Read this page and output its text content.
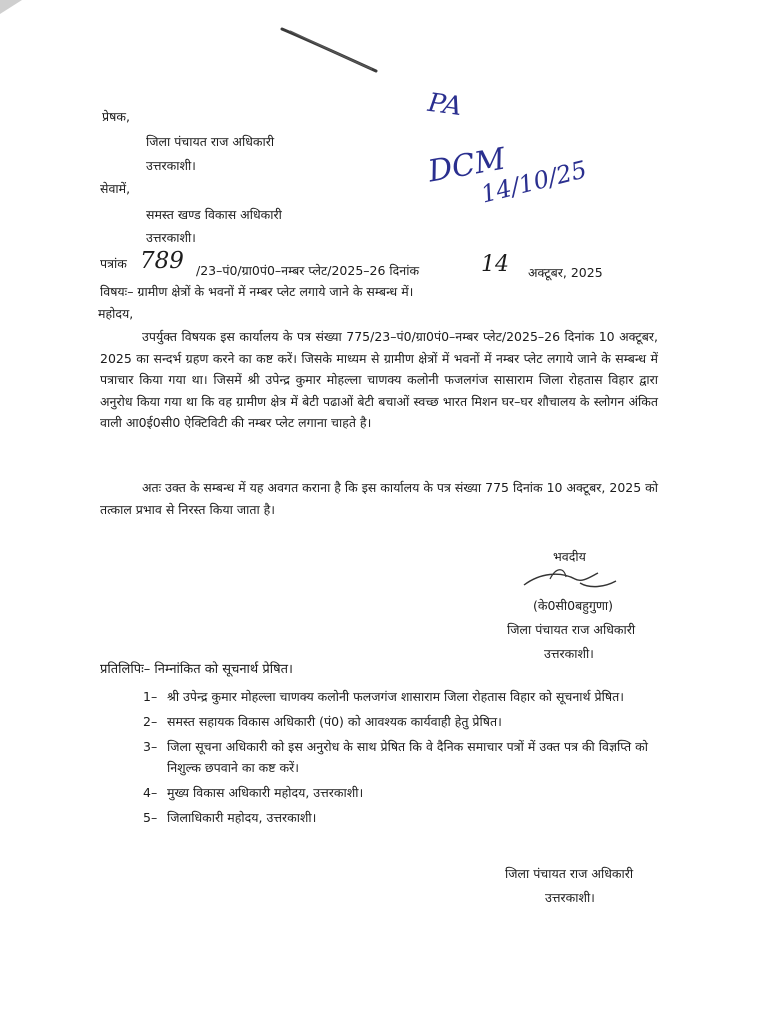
PA
DCM
14/10/25
प्रेषक,
जिला पंचायत राज अधिकारी
उत्तरकाशी।
सेवामें,
समस्त खण्ड विकास अधिकारी
उत्तरकाशी।
पत्रांक 789 /23–पं0/ग्रा0पं0–नम्बर प्लेट/2025–26 दिनांक	14 अक्टूबर, 2025
विषयः– ग्रामीण क्षेत्रों के भवनों में नम्बर प्लेट लगाये जाने के सम्बन्ध में।
महोदय,
उपर्युक्त विषयक इस कार्यालय के पत्र संख्या 775/23–पं0/ग्रा0पं0–नम्बर प्लेट/2025–26 दिनांक 10 अक्टूबर, 2025 का सन्दर्भ ग्रहण करने का कष्ट करें। जिसके माध्यम से ग्रामीण क्षेत्रों में भवनों में नम्बर प्लेट लगाये जाने के सम्बन्ध में पत्राचार किया गया था। जिसमें श्री उपेन्द्र कुमार मोहल्ला चाणक्य कलोनी फजलगंज सासाराम जिला रोहतास विहार द्वारा अनुरोध किया गया था कि वह ग्रामीण क्षेत्र में बेटी पढाओं बेटी बचाओं स्वच्छ भारत मिशन घर–घर शौचालय के स्लोगन अंकित वाली आ0ई0सी0 ऐक्टिविटी की नम्बर प्लेट लगाना चाहते है।
अतः उक्त के सम्बन्ध में यह अवगत कराना है कि इस कार्यालय के पत्र संख्या 775 दिनांक 10 अक्टूबर, 2025 को तत्काल प्रभाव से निरस्त किया जाता है।
भवदीय
(के0सी0बहुगुणा)
जिला पंचायत राज अधिकारी
उत्तरकाशी।
प्रतिलिपिः– निम्नांकित को सूचनार्थ प्रेषित।
1– श्री उपेन्द्र कुमार मोहल्ला चाणक्य कलोनी फलजगंज शासाराम जिला रोहतास विहार को सूचनार्थ प्रेषित।
2– समस्त सहायक विकास अधिकारी (पं0) को आवश्यक कार्यवाही हेतु प्रेषित।
3– जिला सूचना अधिकारी को इस अनुरोध के साथ प्रेषित कि वे दैनिक समाचार पत्रों में उक्त पत्र की विज्ञप्ति को निशुल्क छपवाने का कष्ट करें।
4– मुख्य विकास अधिकारी महोदय, उत्तरकाशी।
5– जिलाधिकारी महोदय, उत्तरकाशी।
जिला पंचायत राज अधिकारी
उत्तरकाशी।
